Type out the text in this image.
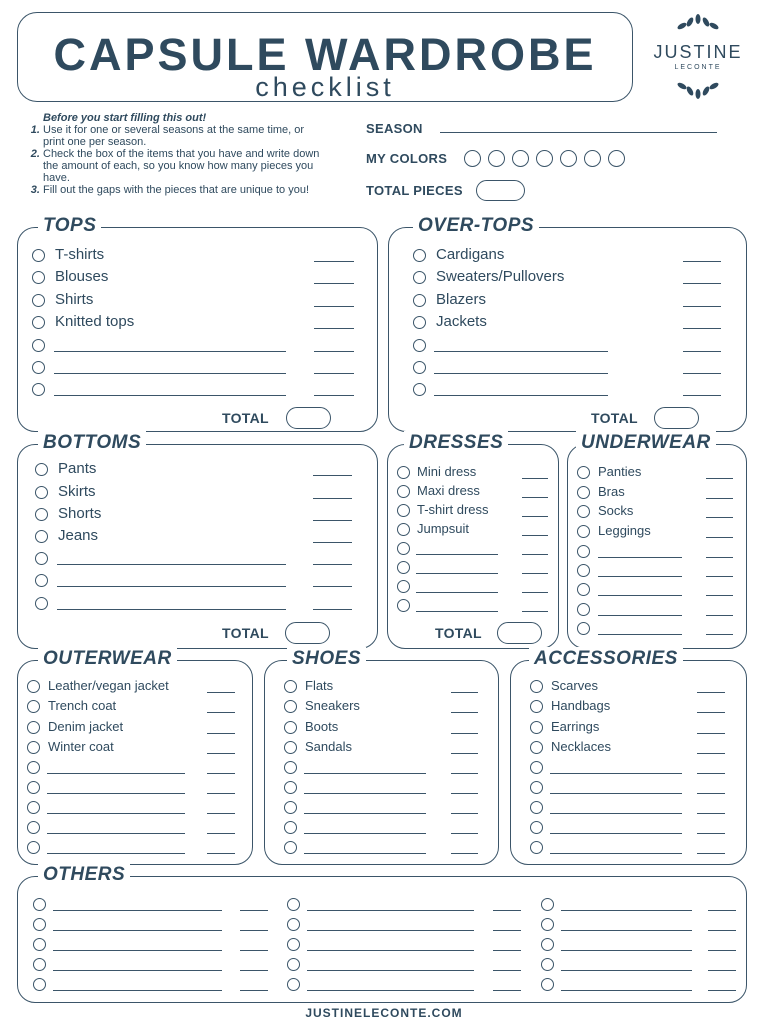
CAPSULE WARDROBE
checklist
JUSTINE
LECONTE
Before you start filling this out!
1. Use it for one or several seasons at the same time, or print one per season.
2. Check the box of the items that you have and write down the amount of each, so you know how many pieces you have.
3. Fill out the gaps with the pieces that are unique to you!
SEASON
MY COLORS
TOTAL PIECES
TOPS	OVER-TOPS
BOTTOMS	DRESSES	UNDERWEAR
OUTERWEAR	SHOES	ACCESSORIES
OTHERS
TOTAL	TOTAL
TOTAL	TOTAL
T-shirts
Blouses
Shirts
Knitted tops
Cardigans
Sweaters/Pullovers
Blazers
Jackets
Pants
Skirts
Shorts
Jeans
Mini dress
Maxi dress
T-shirt dress
Jumpsuit
Panties
Bras
Socks
Leggings
Leather/vegan jacket
Trench coat
Denim jacket
Winter coat
Flats
Sneakers
Boots
Sandals
Scarves
Handbags
Earrings
Necklaces
JUSTINELECONTE.COM
